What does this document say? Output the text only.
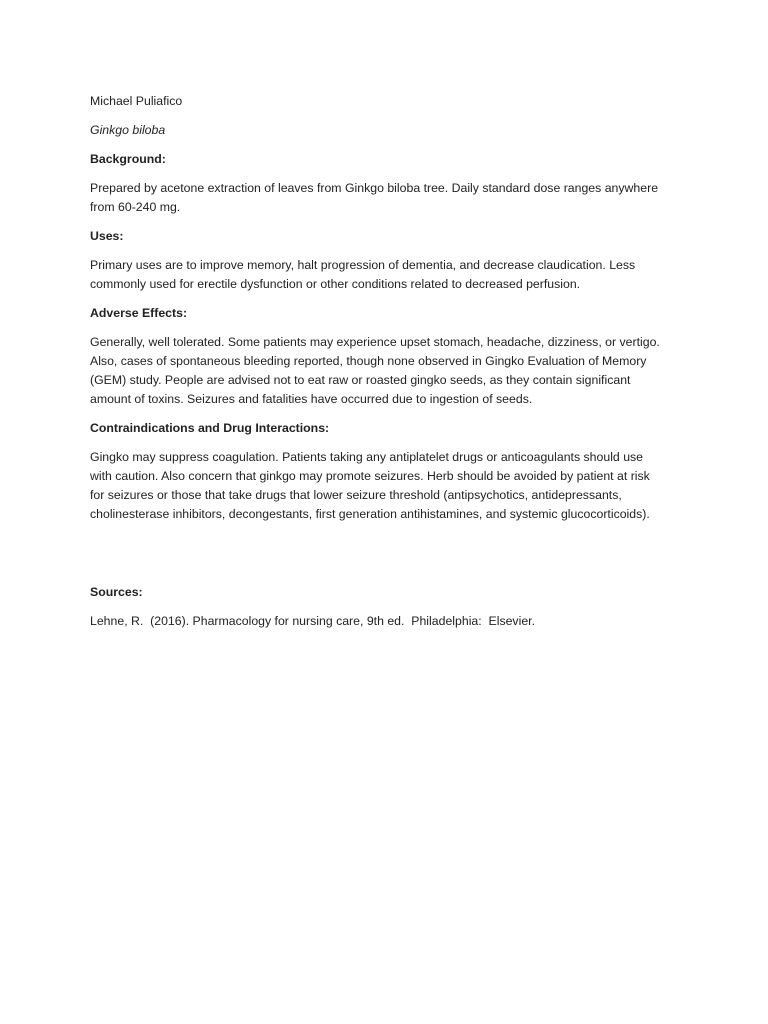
Michael Puliafico

Ginkgo biloba

Background:

Prepared by acetone extraction of leaves from Ginkgo biloba tree. Daily standard dose ranges anywhere

from 60-240 mg.

Uses:

Primary uses are to improve memory, halt progression of dementia, and decrease claudication. Less

commonly used for erectile dysfunction or other conditions related to decreased perfusion.

Adverse Effects:

Generally, well tolerated. Some patients may experience upset stomach, headache, dizziness, or vertigo.

Also, cases of spontaneous bleeding reported, though none observed in Gingko Evaluation of Memory

(GEM) study. People are advised not to eat raw or roasted gingko seeds, as they contain significant

amount of toxins. Seizures and fatalities have occurred due to ingestion of seeds.

Contraindications and Drug Interactions:

Gingko may suppress coagulation. Patients taking any antiplatelet drugs or anticoagulants should use

with caution. Also concern that ginkgo may promote seizures. Herb should be avoided by patient at risk

for seizures or those that take drugs that lower seizure threshold (antipsychotics, antidepressants,

cholinesterase inhibitors, decongestants, first generation antihistamines, and systemic glucocorticoids).

Sources:

Lehne, R.  (2016). Pharmacology for nursing care, 9th ed.  Philadelphia:  Elsevier.
